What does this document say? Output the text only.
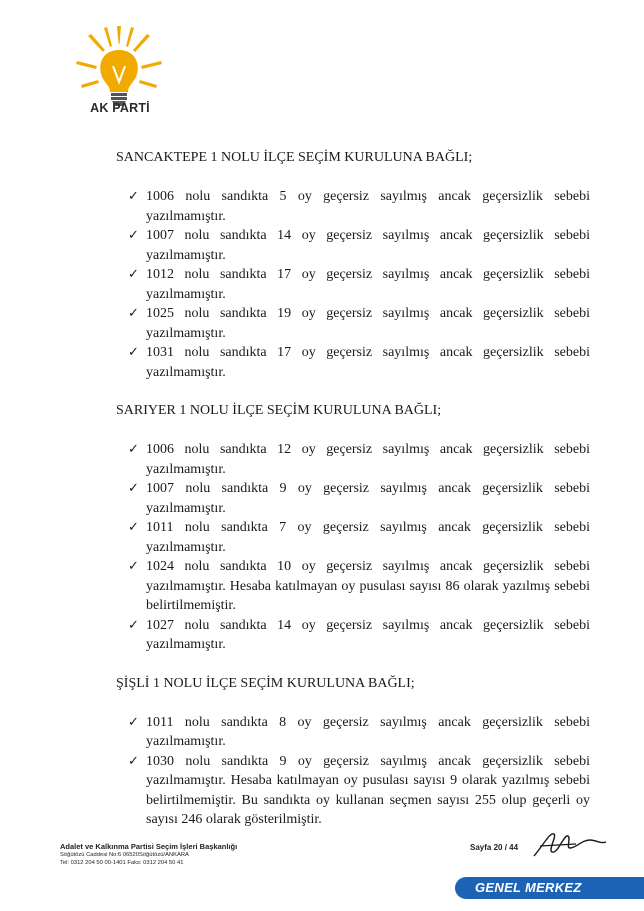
AK PARTİ
SANCAKTEPE 1 NOLU İLÇE SEÇİM KURULUNA BAĞLI;
✓ 1006 nolu sandıkta 5 oy geçersiz sayılmış ancak geçersizlik sebebi yazılmamıştır.
✓ 1007 nolu sandıkta 14 oy geçersiz sayılmış ancak geçersizlik sebebi yazılmamıştır.
✓ 1012 nolu sandıkta 17 oy geçersiz sayılmış ancak geçersizlik sebebi yazılmamıştır.
✓ 1025 nolu sandıkta 19 oy geçersiz sayılmış ancak geçersizlik sebebi yazılmamıştır.
✓ 1031 nolu sandıkta 17 oy geçersiz sayılmış ancak geçersizlik sebebi yazılmamıştır.
SARIYER 1 NOLU İLÇE SEÇİM KURULUNA BAĞLI;
✓ 1006 nolu sandıkta 12 oy geçersiz sayılmış ancak geçersizlik sebebi yazılmamıştır.
✓ 1007 nolu sandıkta 9 oy geçersiz sayılmış ancak geçersizlik sebebi yazılmamıştır.
✓ 1011 nolu sandıkta 7 oy geçersiz sayılmış ancak geçersizlik sebebi yazılmamıştır.
✓ 1024 nolu sandıkta 10 oy geçersiz sayılmış ancak geçersizlik sebebi yazılmamıştır. Hesaba katılmayan oy pusulası sayısı 86 olarak yazılmış sebebi belirtilmemiştir.
✓ 1027 nolu sandıkta 14 oy geçersiz sayılmış ancak geçersizlik sebebi yazılmamıştır.
ŞİŞLİ 1 NOLU İLÇE SEÇİM KURULUNA BAĞLI;
✓ 1011 nolu sandıkta 8 oy geçersiz sayılmış ancak geçersizlik sebebi yazılmamıştır.
✓ 1030 nolu sandıkta 9 oy geçersiz sayılmış ancak geçersizlik sebebi yazılmamıştır. Hesaba katılmayan oy pusulası sayısı 9 olarak yazılmış sebebi belirtilmemiştir. Bu sandıkta oy kullanan seçmen sayısı 255 olup geçerli oy sayısı 246 olarak gösterilmiştir.
Adalet ve Kalkınma Partisi Seçim İşleri Başkanlığı
Söğütözü Caddesi No:6 06520Söğütözü/ANKARA
Tel: 0312 204 50 00-1401 Faks: 0312 204 50 41
Sayfa 20 / 44
GENEL MERKEZ
